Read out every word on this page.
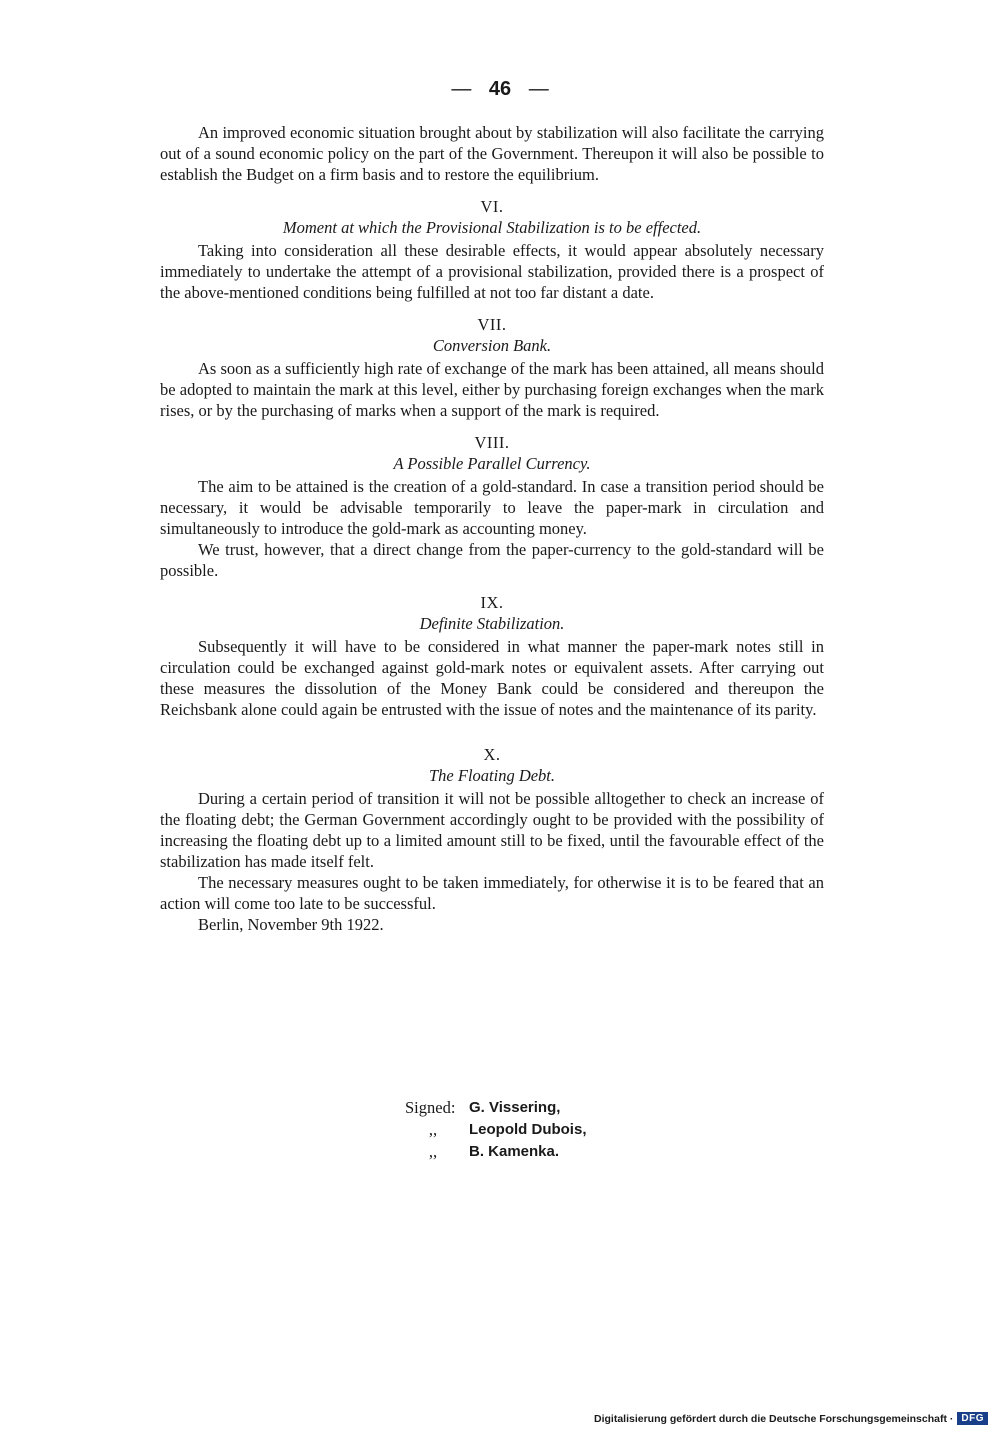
— 46 —

An improved economic situation brought about by stabilization will also facilitate the carrying out of a sound economic policy on the part of the Government. Thereupon it will also be possible to establish the Budget on a firm basis and to restore the equilibrium.

VI.
Moment at which the Provisional Stabilization is to be effected.

Taking into consideration all these desirable effects, it would appear absolutely necessary immediately to undertake the attempt of a provisional stabilization, provided there is a prospect of the above-mentioned conditions being fulfilled at not too far distant a date.

VII.
Conversion Bank.

As soon as a sufficiently high rate of exchange of the mark has been attained, all means should be adopted to maintain the mark at this level, either by purchasing foreign exchanges when the mark rises, or by the purchasing of marks when a support of the mark is required.

VIII.
A Possible Parallel Currency.

The aim to be attained is the creation of a gold-standard. In case a transition period should be necessary, it would be advisable temporarily to leave the paper-mark in circulation and simultaneously to introduce the gold-mark as accounting money.

We trust, however, that a direct change from the paper-currency to the gold-standard will be possible.

IX.
Definite Stabilization.

Subsequently it will have to be considered in what manner the paper-mark notes still in circulation could be exchanged against gold-mark notes or equivalent assets. After carrying out these measures the dissolution of the Money Bank could be considered and thereupon the Reichsbank alone could again be entrusted with the issue of notes and the maintenance of its parity.

X.
The Floating Debt.

During a certain period of transition it will not be possible alltogether to check an increase of the floating debt; the German Government accordingly ought to be provided with the possibility of increasing the floating debt up to a limited amount still to be fixed, until the favourable effect of the stabilization has made itself felt.

The necessary measures ought to be taken immediately, for otherwise it is to be feared that an action will come too late to be successful.

Berlin, November 9th 1922.

Signed: G. Vissering,
,,	Leopold Dubois,
,,	B. Kamenka.
Digitalisierung gefördert durch die Deutsche Forschungsgemeinschaft · DFG
